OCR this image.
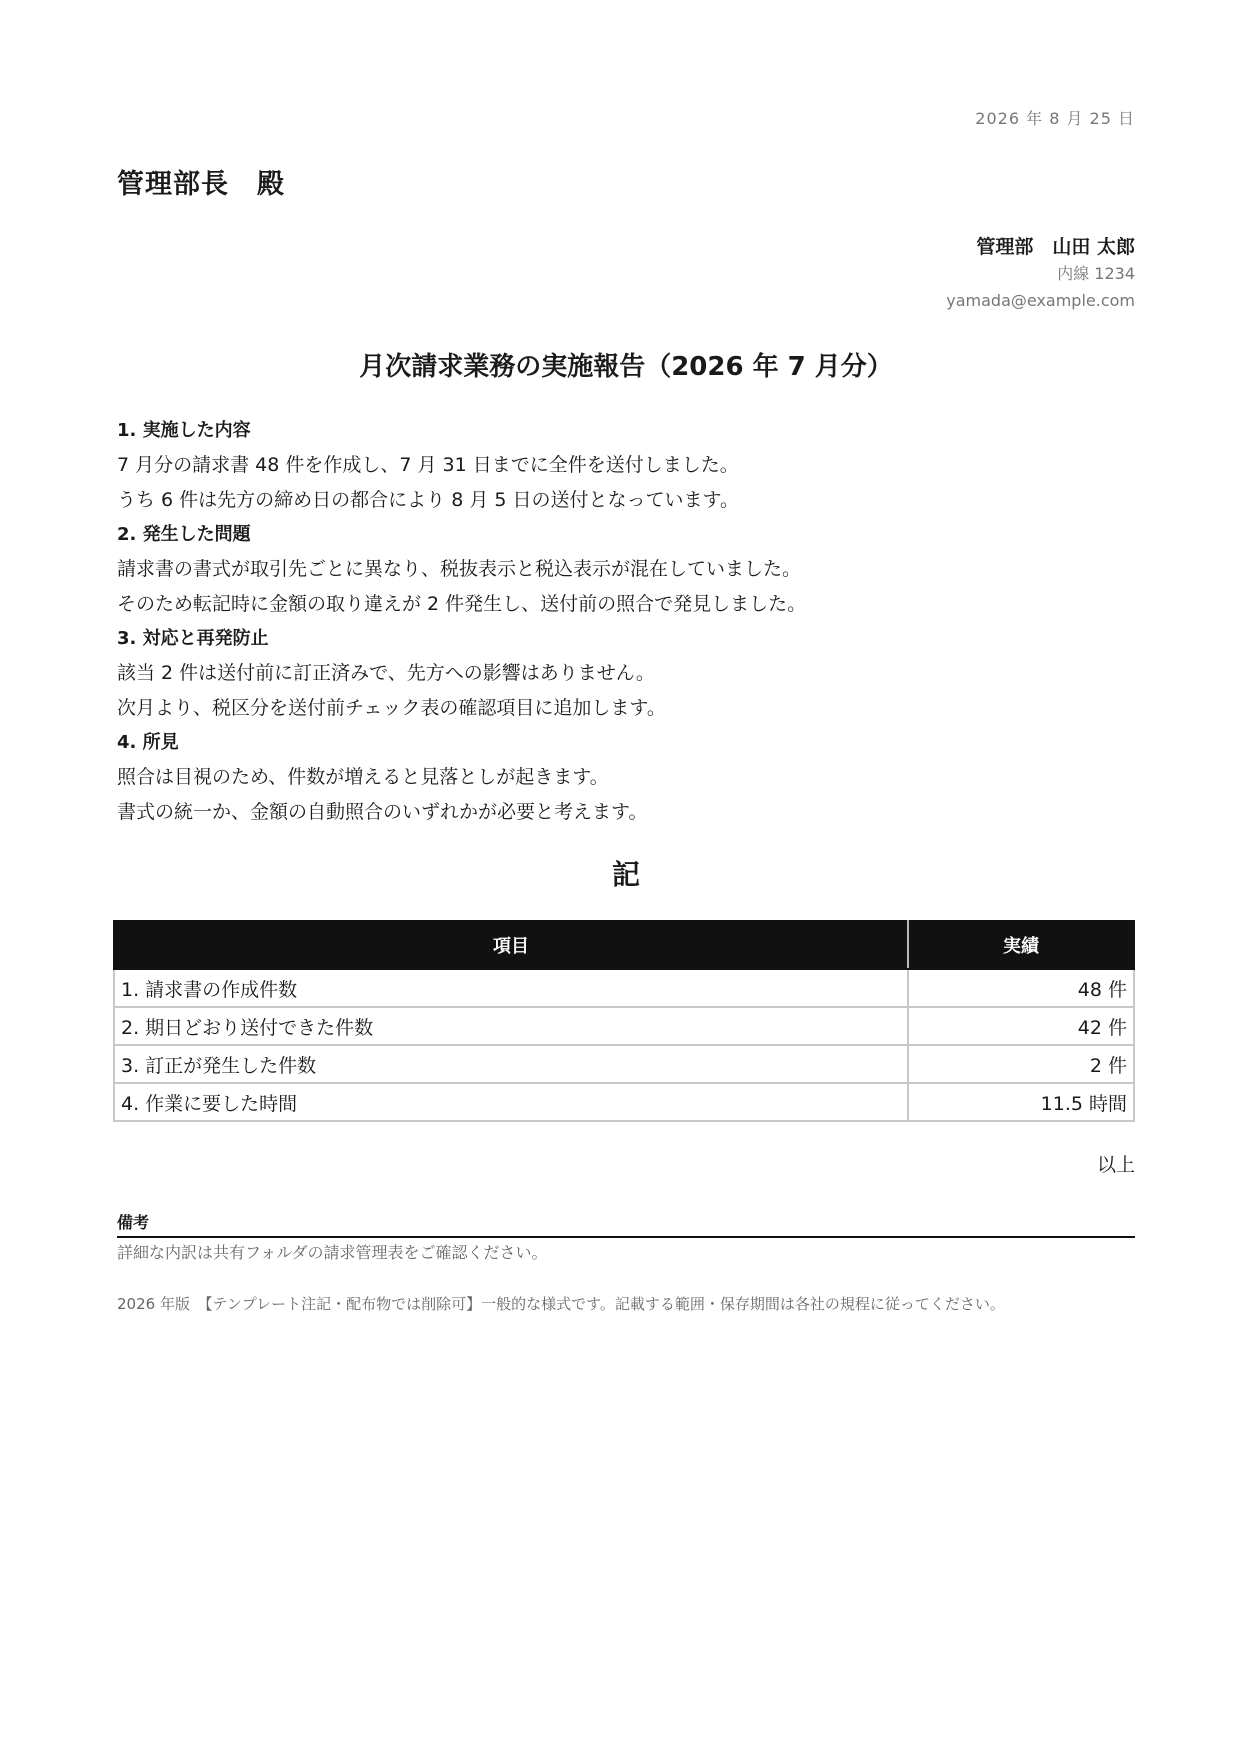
2026 年 8 月 25 日
管理部長　殿
管理部　山田 太郎
内線 1234
yamada@example.com
月次請求業務の実施報告（2026 年 7 月分）
1. 実施した内容
7 月分の請求書 48 件を作成し、7 月 31 日までに全件を送付しました。
うち 6 件は先方の締め日の都合により 8 月 5 日の送付となっています。
2. 発生した問題
請求書の書式が取引先ごとに異なり、税抜表示と税込表示が混在していました。
そのため転記時に金額の取り違えが 2 件発生し、送付前の照合で発見しました。
3. 対応と再発防止
該当 2 件は送付前に訂正済みで、先方への影響はありません。
次月より、税区分を送付前チェック表の確認項目に追加します。
4. 所見
照合は目視のため、件数が増えると見落としが起きます。
書式の統一か、金額の自動照合のいずれかが必要と考えます。
記
項目	実績
1. 請求書の作成件数	48 件
2. 期日どおり送付できた件数	42 件
3. 訂正が発生した件数	2 件
4. 作業に要した時間	11.5 時間
以上
備考
詳細な内訳は共有フォルダの請求管理表をご確認ください。
2026 年版　【テンプレート注記・配布物では削除可】一般的な様式です。記載する範囲・保存期間は各社の規程に従ってください。
